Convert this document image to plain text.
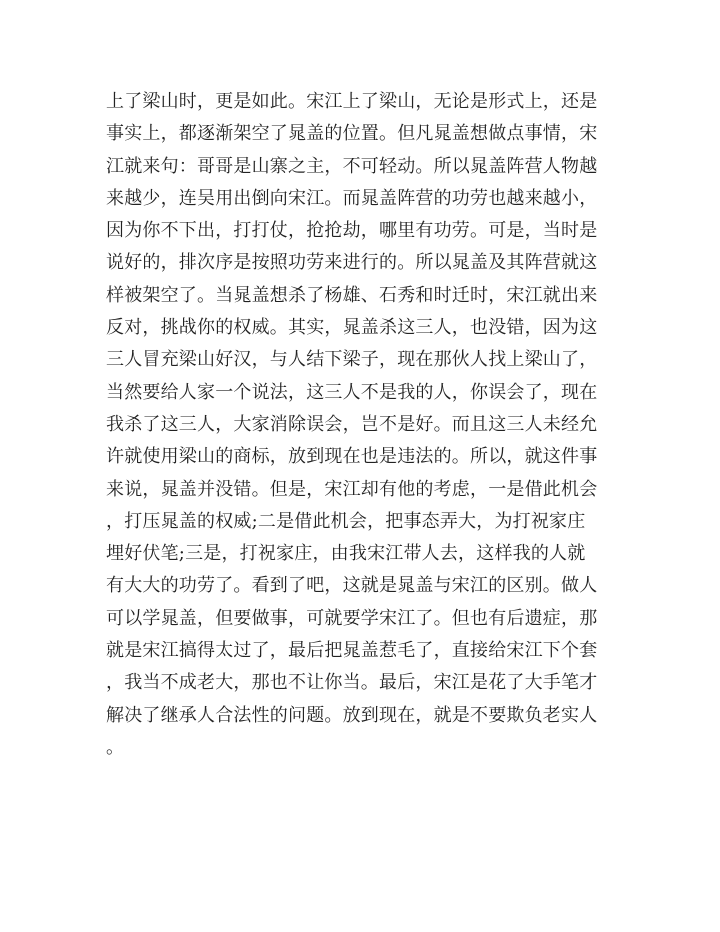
上了梁山时，更是如此。宋江上了梁山，无论是形式上，还是
事实上，都逐渐架空了晁盖的位置。但凡晁盖想做点事情，宋
江就来句：哥哥是山寨之主，不可轻动。所以晁盖阵营人物越
来越少，连吴用出倒向宋江。而晁盖阵营的功劳也越来越小，
因为你不下出，打打仗，抢抢劫，哪里有功劳。可是，当时是
说好的，排次序是按照功劳来进行的。所以晁盖及其阵营就这
样被架空了。当晁盖想杀了杨雄、石秀和时迁时，宋江就出来
反对，挑战你的权威。其实，晁盖杀这三人，也没错，因为这
三人冒充梁山好汉，与人结下梁子，现在那伙人找上梁山了，
当然要给人家一个说法，这三人不是我的人，你误会了，现在
我杀了这三人，大家消除误会，岂不是好。而且这三人未经允
许就使用梁山的商标，放到现在也是违法的。所以，就这件事
来说，晁盖并没错。但是，宋江却有他的考虑，一是借此机会
，打压晁盖的权威;二是借此机会，把事态弄大，为打祝家庄
埋好伏笔;三是，打祝家庄，由我宋江带人去，这样我的人就
有大大的功劳了。看到了吧，这就是晁盖与宋江的区别。做人
可以学晁盖，但要做事，可就要学宋江了。但也有后遗症，那
就是宋江搞得太过了，最后把晁盖惹毛了，直接给宋江下个套
，我当不成老大，那也不让你当。最后，宋江是花了大手笔才
解决了继承人合法性的问题。放到现在，就是不要欺负老实人
。
